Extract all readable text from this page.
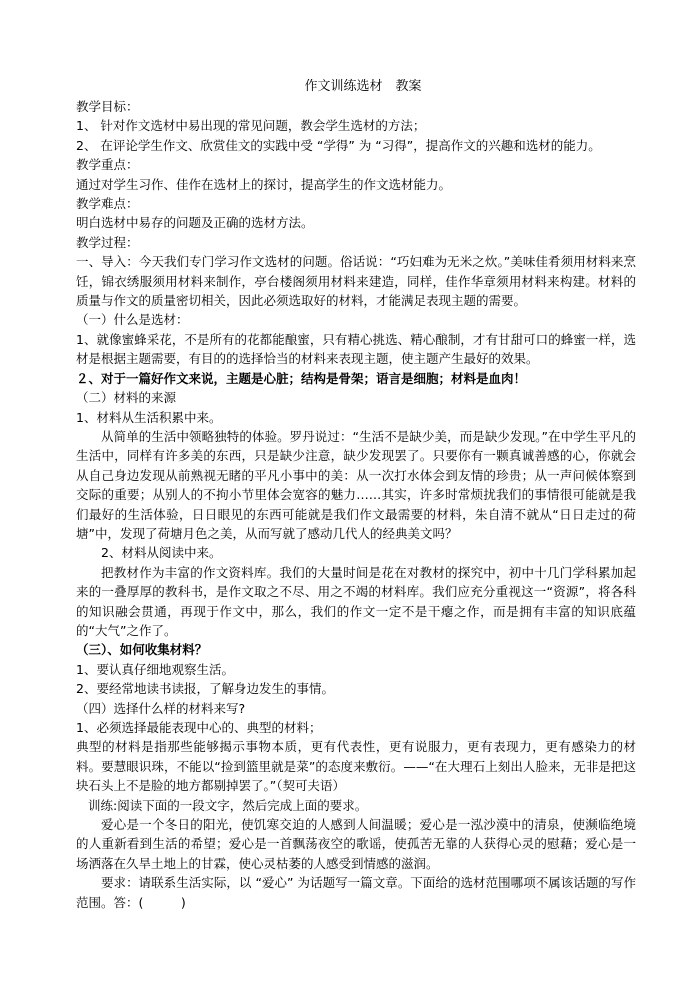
作文训练选材　教案

教学目标：

1、 针对作文选材中易出现的常见问题，教会学生选材的方法；

2、 在评论学生作文、欣赏佳文的实践中受 “学得” 为 “习得”，提高作文的兴趣和选材的能力。

教学重点：

通过对学生习作、佳作在选材上的探讨，提高学生的作文选材能力。

教学难点：

明白选材中易存的问题及正确的选材方法。

教学过程：

一、导入：今天我们专门学习作文选材的问题。俗话说：“巧妇难为无米之炊。”美味佳肴须用材料来烹饪，锦衣绣服须用材料来制作，亭台楼阁须用材料来建造，同样，佳作华章须用材料来构建。材料的质量与作文的质量密切相关，因此必须选取好的材料，才能满足表现主题的需要。

（一）什么是选材：

1、就像蜜蜂采花，不是所有的花都能酿蜜，只有精心挑选、精心酿制，才有甘甜可口的蜂蜜一样，选材是根据主题需要，有目的的选择恰当的材料来表现主题，使主题产生最好的效果。

２、对于一篇好作文来说，主题是心脏；结构是骨架；语言是细胞；材料是血肉！

（二）材料的来源

1、材料从生活积累中来。

从简单的生活中领略独特的体验。罗丹说过：“生活不是缺少美，而是缺少发现。”在中学生平凡的生活中，同样有许多美的东西，只是缺少注意，缺少发现罢了。只要你有一颗真诚善感的心，你就会从自己身边发现从前熟视无睹的平凡小事中的美：从一次打水体会到友情的珍贵；从一声问候体察到交际的重要；从别人的不拘小节里体会宽容的魅力……其实，许多时常烦扰我们的事情很可能就是我们最好的生活体验，日日眼见的东西可能就是我们作文最需要的材料，朱自清不就从“日日走过的荷塘”中，发现了荷塘月色之美，从而写就了感动几代人的经典美文吗？

2、材料从阅读中来。

把教材作为丰富的作文资料库。我们的大量时间是花在对教材的探究中，初中十几门学科累加起来的一叠厚厚的教科书，是作文取之不尽、用之不竭的材料库。我们应充分重视这一“资源”，将各科的知识融会贯通，再现于作文中，那么，我们的作文一定不是干瘪之作，而是拥有丰富的知识底蕴的“大气”之作了。

（三）、如何收集材料？

1、要认真仔细地观察生活。

2、要经常地读书读报，了解身边发生的事情。

（四）选择什么样的材料来写?

1、必须选择最能表现中心的、典型的材料；

典型的材料是指那些能够揭示事物本质，更有代表性，更有说服力，更有表现力，更有感染力的材料。要慧眼识珠，不能以“捡到篮里就是菜”的态度来敷衍。——“在大理石上刻出人脸来，无非是把这块石头上不是脸的地方都剔掉罢了。”（契可夫语）

训练:阅读下面的一段文字，然后完成上面的要求。

爱心是一个冬日的阳光，使饥寒交迫的人感到人间温暖；爱心是一泓沙漠中的清泉，使濒临绝境的人重新看到生活的希望；爱心是一首飘荡夜空的歌谣，使孤苦无靠的人获得心灵的慰藉；爱心是一场洒落在久旱土地上的甘霖，使心灵枯萎的人感受到情感的滋润。

要求：请联系生活实际，以 “爱心” 为话题写一篇文章。下面给的选材范围哪项不属该话题的写作范围。答：(　　　)
